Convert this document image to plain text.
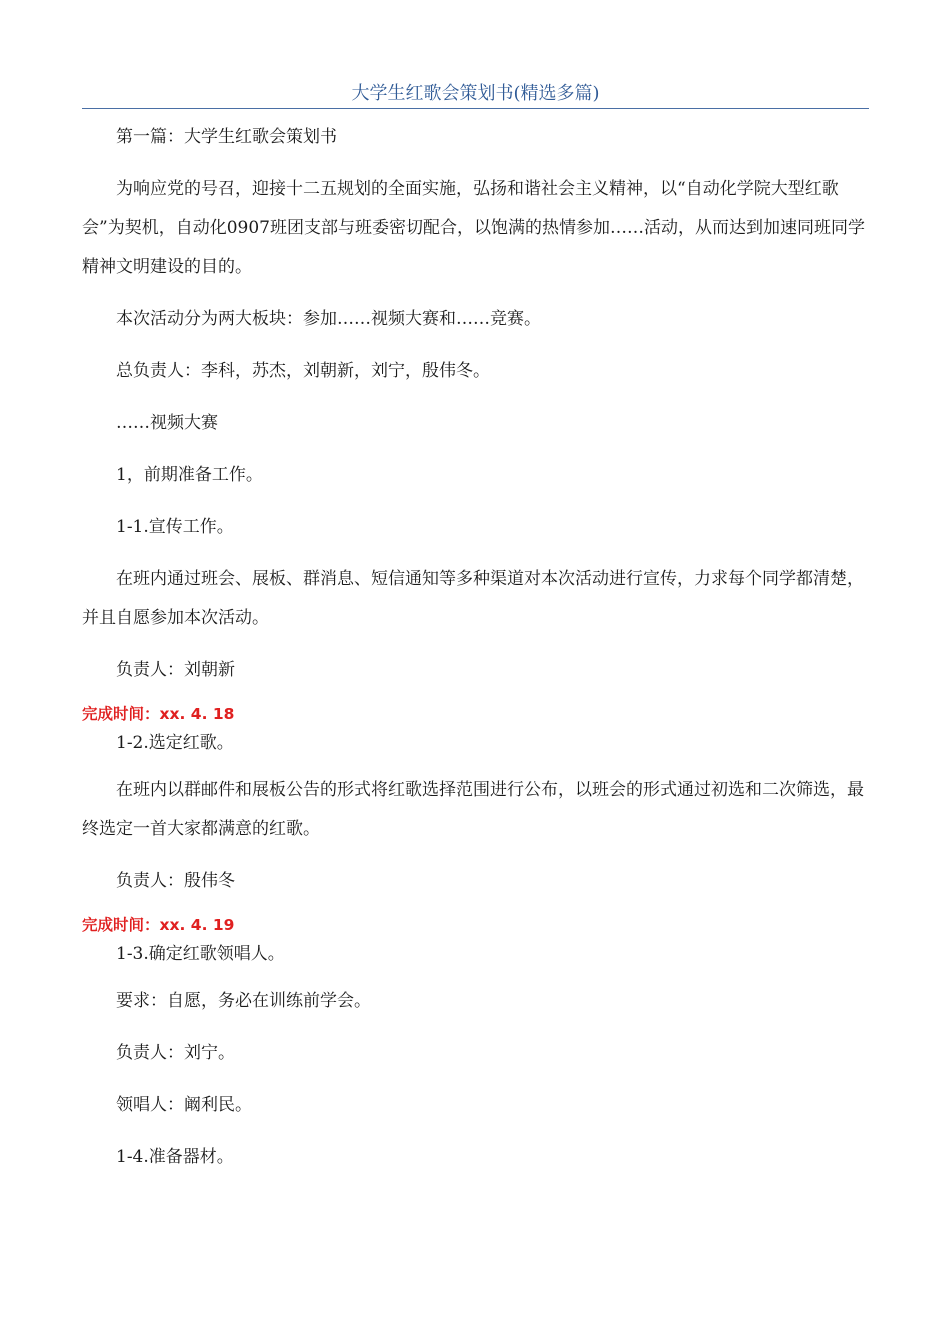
大学生红歌会策划书(精选多篇)

第一篇：大学生红歌会策划书

为响应党的号召，迎接十二五规划的全面实施，弘扬和谐社会主义精神，以“自动化学院大型红歌会”为契机，自动化0907班团支部与班委密切配合，以饱满的热情参加……活动，从而达到加速同班同学精神文明建设的目的。

本次活动分为两大板块：参加……视频大赛和……竞赛。

总负责人：李科，苏杰，刘朝新，刘宁，殷伟冬。

……视频大赛

1，前期准备工作。

1-1.宣传工作。

在班内通过班会、展板、群消息、短信通知等多种渠道对本次活动进行宣传，力求每个同学都清楚，并且自愿参加本次活动。

负责人：刘朝新

完成时间：xx. 4. 18

1-2.选定红歌。

在班内以群邮件和展板公告的形式将红歌选择范围进行公布，以班会的形式通过初选和二次筛选，最终选定一首大家都满意的红歌。

负责人：殷伟冬

完成时间：xx. 4. 19

1-3.确定红歌领唱人。

要求：自愿，务必在训练前学会。

负责人：刘宁。

领唱人：阚利民。

1-4.准备器材。
